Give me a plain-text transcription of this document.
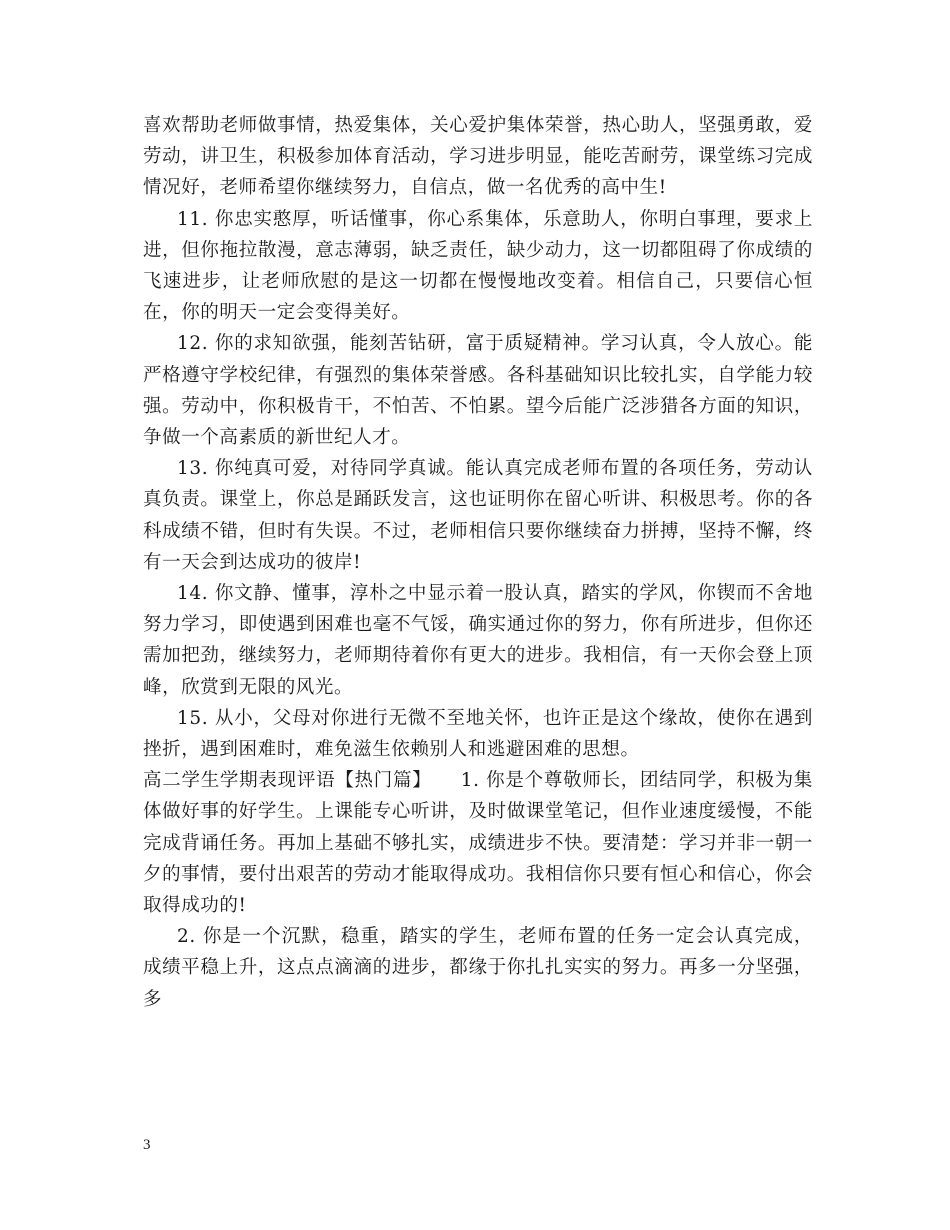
喜欢帮助老师做事情，热爱集体，关心爱护集体荣誉，热心助人，坚强勇敢，爱劳动，讲卫生，积极参加体育活动，学习进步明显，能吃苦耐劳，课堂练习完成情况好，老师希望你继续努力，自信点，做一名优秀的高中生!

11. 你忠实憨厚，听话懂事，你心系集体，乐意助人，你明白事理，要求上进，但你拖拉散漫，意志薄弱，缺乏责任，缺少动力，这一切都阻碍了你成绩的飞速进步，让老师欣慰的是这一切都在慢慢地改变着。相信自己，只要信心恒在，你的明天一定会变得美好。

12. 你的求知欲强，能刻苦钻研，富于质疑精神。学习认真，令人放心。能严格遵守学校纪律，有强烈的集体荣誉感。各科基础知识比较扎实，自学能力较强。劳动中，你积极肯干，不怕苦、不怕累。望今后能广泛涉猎各方面的知识，争做一个高素质的新世纪人才。

13. 你纯真可爱，对待同学真诚。能认真完成老师布置的各项任务，劳动认真负责。课堂上，你总是踊跃发言，这也证明你在留心听讲、积极思考。你的各科成绩不错，但时有失误。不过，老师相信只要你继续奋力拼搏，坚持不懈，终有一天会到达成功的彼岸!

14. 你文静、懂事，淳朴之中显示着一股认真，踏实的学风，你锲而不舍地努力学习，即使遇到困难也毫不气馁，确实通过你的努力，你有所进步，但你还需加把劲，继续努力，老师期待着你有更大的进步。我相信，有一天你会登上顶峰，欣赏到无限的风光。

15. 从小，父母对你进行无微不至地关怀，也许正是这个缘故，使你在遇到挫折，遇到困难时，难免滋生依赖别人和逃避困难的思想。

高二学生学期表现评语【热门篇】　　1. 你是个尊敬师长，团结同学，积极为集体做好事的好学生。上课能专心听讲，及时做课堂笔记，但作业速度缓慢，不能完成背诵任务。再加上基础不够扎实，成绩进步不快。要清楚：学习并非一朝一夕的事情，要付出艰苦的劳动才能取得成功。我相信你只要有恒心和信心，你会取得成功的!

2. 你是一个沉默，稳重，踏实的学生，老师布置的任务一定会认真完成，成绩平稳上升，这点点滴滴的进步，都缘于你扎扎实实的努力。再多一分坚强，多

3
